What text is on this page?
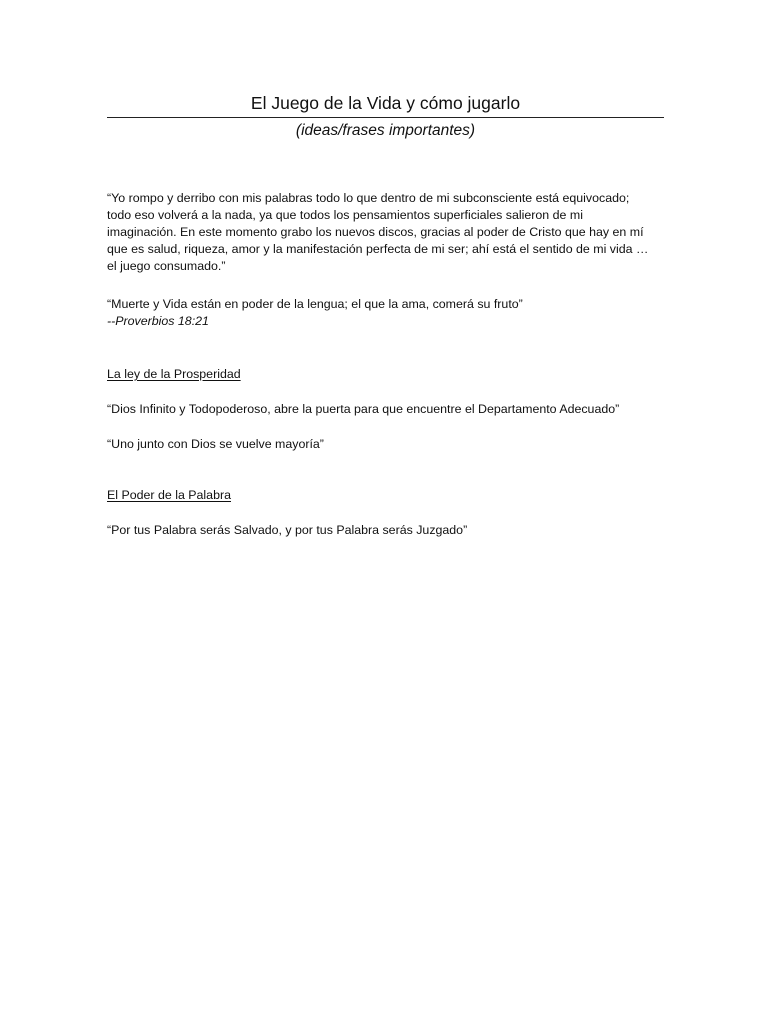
El Juego de la Vida y cómo jugarlo
(ideas/frases importantes)
“Yo rompo y derribo con mis palabras todo lo que dentro de mi subconsciente está equivocado;
todo eso volverá a la nada, ya que todos los pensamientos superficiales salieron de mi
imaginación. En este momento grabo los nuevos discos, gracias al poder de Cristo que hay en mí
que es salud, riqueza, amor y la manifestación perfecta de mi ser; ahí está el sentido de mi vida …
el juego consumado.”
“Muerte y Vida están en poder de la lengua; el que la ama, comerá su fruto”
--Proverbios 18:21
La ley de la Prosperidad
“Dios Infinito y Todopoderoso, abre la puerta para que encuentre el Departamento Adecuado”
“Uno junto con Dios se vuelve mayoría”
El Poder de la Palabra
“Por tus Palabra serás Salvado, y por tus Palabra serás Juzgado”
